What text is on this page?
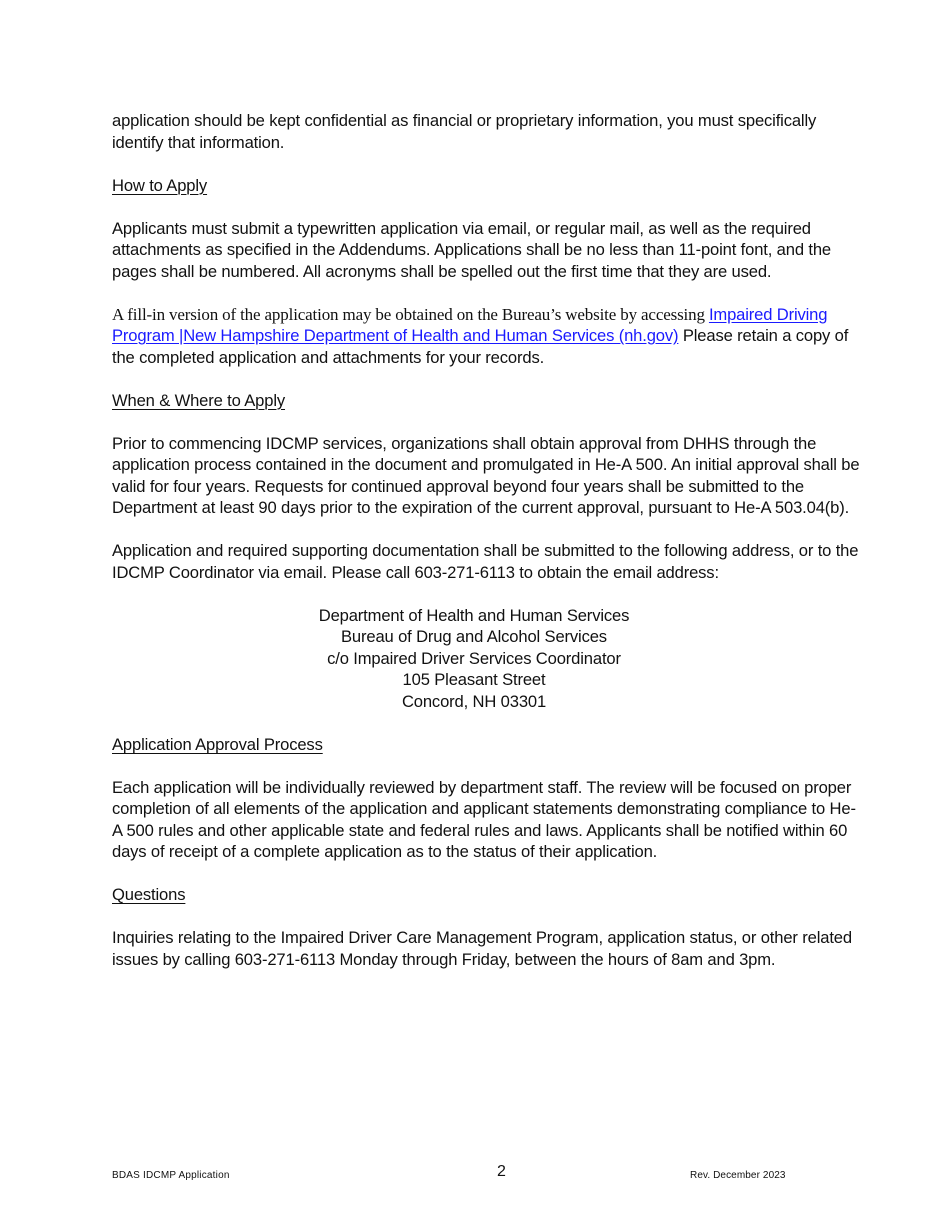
application should be kept confidential as financial or proprietary information, you must specifically identify that information.

How to Apply

Applicants must submit a typewritten application via email, or regular mail, as well as the required attachments as specified in the Addendums. Applications shall be no less than 11-point font, and the pages shall be numbered. All acronyms shall be spelled out the first time that they are used.

A fill-in version of the application may be obtained on the Bureau’s website by accessing Impaired Driving Program |New Hampshire Department of Health and Human Services (nh.gov) Please retain a copy of the completed application and attachments for your records.

When & Where to Apply

Prior to commencing IDCMP services, organizations shall obtain approval from DHHS through the application process contained in the document and promulgated in He-A 500. An initial approval shall be valid for four years. Requests for continued approval beyond four years shall be submitted to the Department at least 90 days prior to the expiration of the current approval, pursuant to He-A 503.04(b).

Application and required supporting documentation shall be submitted to the following address, or to the IDCMP Coordinator via email. Please call 603-271-6113 to obtain the email address:

Department of Health and Human Services

Bureau of Drug and Alcohol Services

c/o Impaired Driver Services Coordinator

105 Pleasant Street

Concord, NH 03301

Application Approval Process

Each application will be individually reviewed by department staff. The review will be focused on proper completion of all elements of the application and applicant statements demonstrating compliance to He-A 500 rules and other applicable state and federal rules and laws. Applicants shall be notified within 60 days of receipt of a complete application as to the status of their application.

Questions

Inquiries relating to the Impaired Driver Care Management Program, application status, or other related issues by calling 603-271-6113 Monday through Friday, between the hours of 8am and 3pm.

BDAS IDCMP Application	2	Rev. December 2023
